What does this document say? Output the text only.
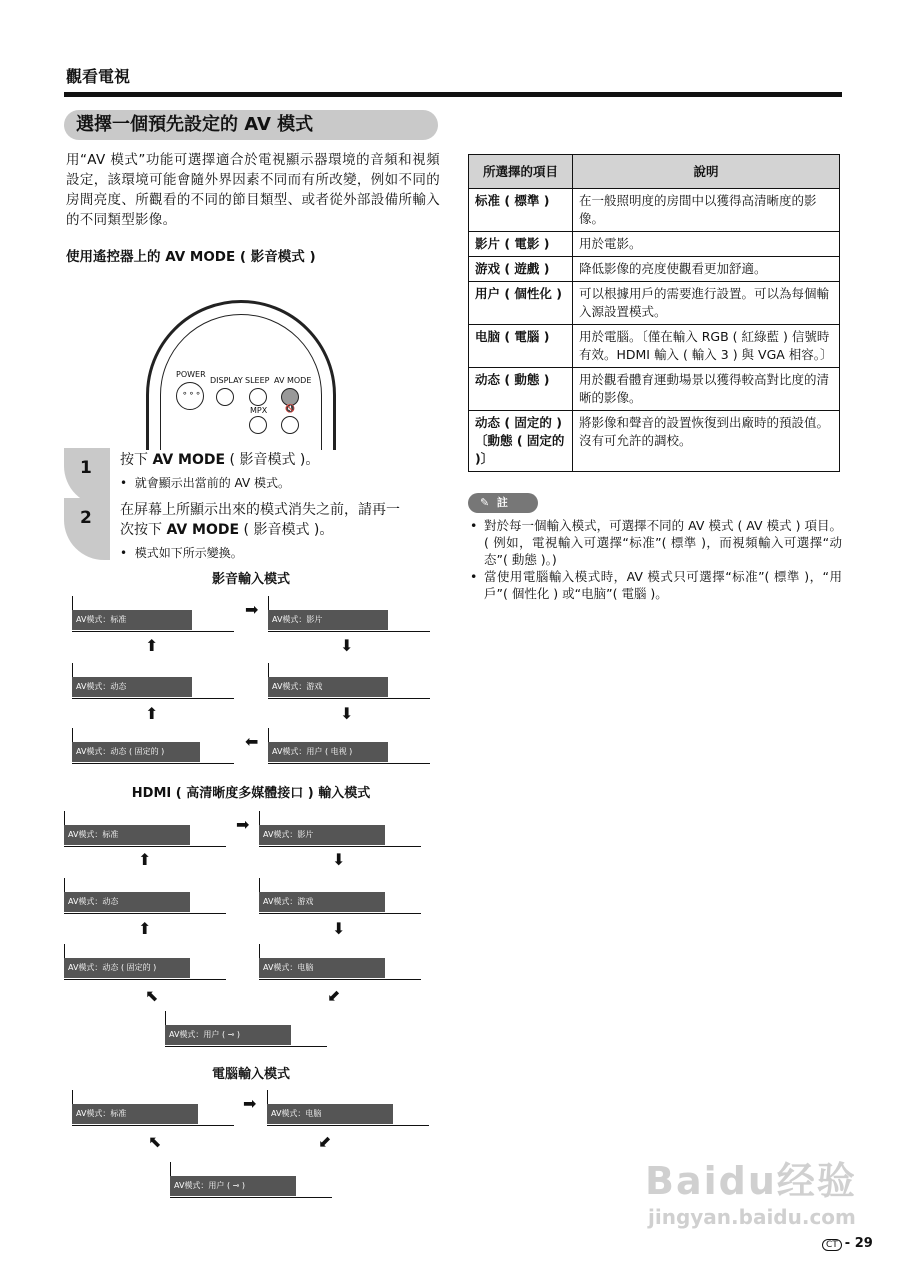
觀看電視
選擇一個預先設定的 AV 模式

用“AV 模式”功能可選擇適合於電視顯示器環境的音頻和視頻設定，該環境可能會隨外界因素不同而有所改變，例如不同的房間亮度、所觀看的不同的節目類型、或者從外部設備所輸入的不同類型影像。

使用遙控器上的 AV MODE ( 影音模式 )
POWER
∘∘∘
DISPLAY SLEEP AV MODE
MPX 🔇
1 按下 AV MODE ( 影音模式 )。
•  就會顯示出當前的 AV 模式。
2 在屏幕上所顯示出來的模式消失之前，請再一
次按下 AV MODE ( 影音模式 )。
•  模式如下所示變換。
影音輸入模式
AV模式：标准
➡
AV模式：影片
⬆	⬇
AV模式：动态	AV模式：游戏
⬆	⬇
AV模式：动态 ( 固定的 )
⬅
AV模式：用户 ( 电视 )
HDMI ( 高清晰度多媒體接口 ) 輸入模式
AV模式：标准
➡
AV模式：影片
⬆	⬇
AV模式：动态	AV模式：游戏
⬆	⬇
AV模式：动态 ( 固定的 )	AV模式：电脑
⬉	⬋
AV模式：用户 ( ⊸ )
電腦輸入模式
AV模式：标准
➡
AV模式：电脑
⬉	⬋
AV模式：用户 ( ⊸ )
所選擇的項目	說明
标准 ( 標準 )	在一般照明度的房間中以獲得高清晰度的影像。
影片 ( 電影 )	用於電影。
游戏 ( 遊戲 )	降低影像的亮度使觀看更加舒適。
用户 ( 個性化 )	可以根據用戶的需要進行設置。可以為每個輸入源設置模式。
电脑 ( 電腦 )	用於電腦。〔僅在輸入 RGB ( 紅綠藍 ) 信號時有效。HDMI 輸入 ( 輸入 3 ) 與 VGA 相容。〕
动态 ( 動態 )	用於觀看體育運動場景以獲得較高對比度的清晰的影像。
动态 ( 固定的 ) 〔動態 ( 固定的 )〕	將影像和聲音的設置恢復到出廠時的預設值。沒有可允許的調校。
✎ 註
• 對於每一個輸入模式，可選擇不同的 AV 模式 ( AV 模式 ) 項目。( 例如，電視輸入可選擇“标准”( 標準 )，而視頻輸入可選擇“动态”( 動態 )。)
• 當使用電腦輸入模式時，AV 模式只可選擇“标准”( 標準 )，“用戶”( 個性化 ) 或“电脑”( 電腦 )。
Baidu经验
jingyan.baidu.com
CT - 29
